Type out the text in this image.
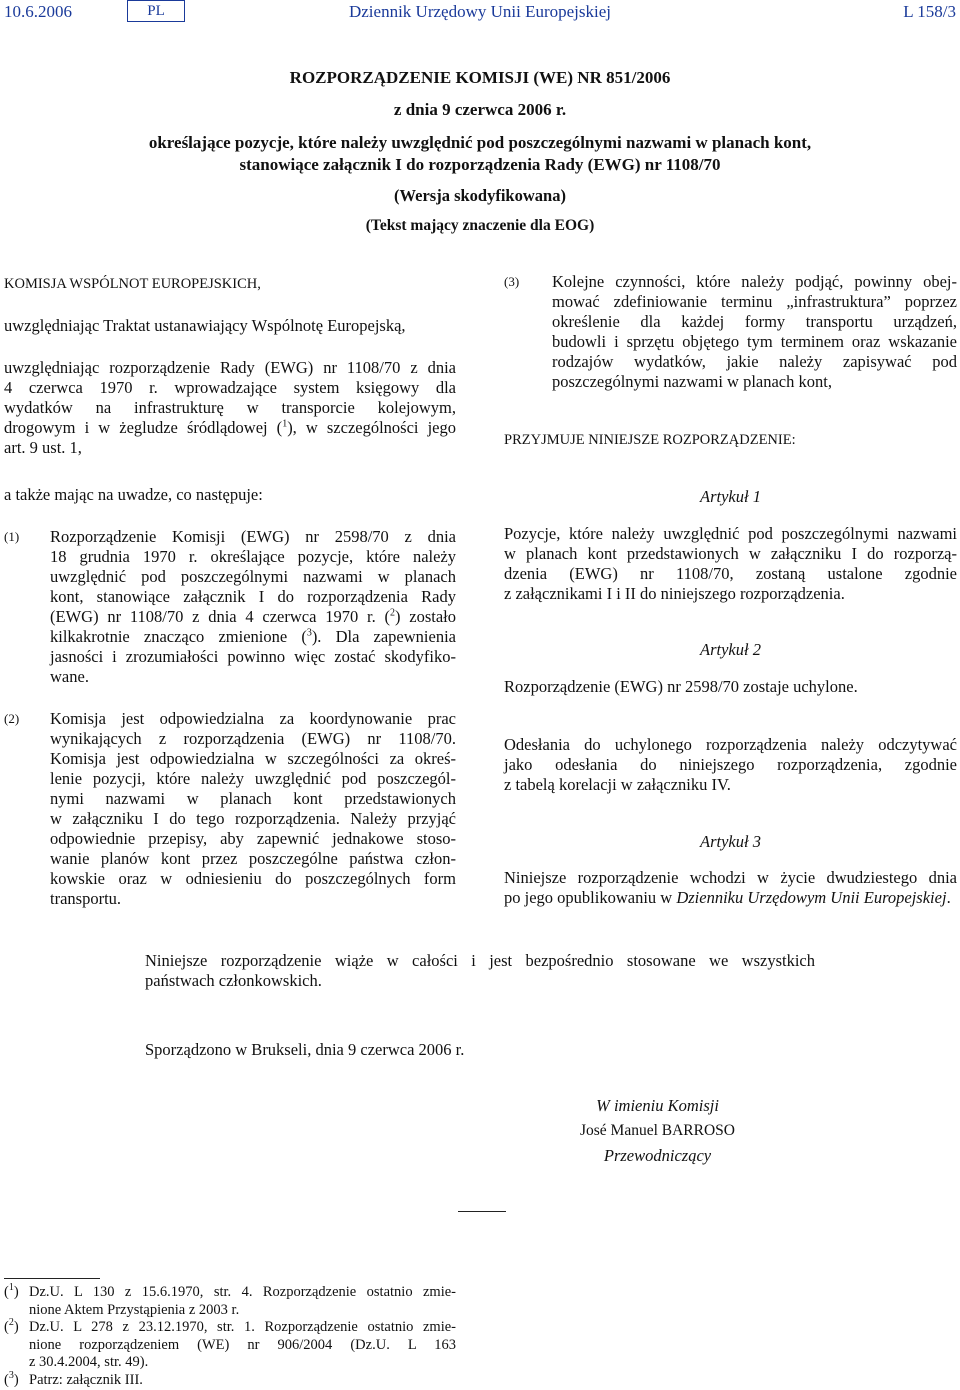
10.6.2006	PL	Dziennik Urzędowy Unii Europejskiej	L 158/3
ROZPORZĄDZENIE KOMISJI (WE) NR 851/2006
z dnia 9 czerwca 2006 r.
określające pozycje, które należy uwzględnić pod poszczególnymi nazwami w planach kont,
stanowiące załącznik I do rozporządzenia Rady (EWG) nr 1108/70
(Wersja skodyfikowana)
(Tekst mający znaczenie dla EOG)
KOMISJA WSPÓLNOT EUROPEJSKICH,
uwzględniając Traktat ustanawiający Wspólnotę Europejską,
uwzględniając rozporządzenie Rady (EWG) nr 1108/70 z dnia
4 czerwca 1970 r. wprowadzające system księgowy dla
wydatków na infrastrukturę w transporcie kolejowym,
drogowym i w żegludze śródlądowej ($^1$), w szczególności jego
art. 9 ust. 1,
a także mając na uwadze, co następuje:
(1) Rozporządzenie Komisji (EWG) nr 2598/70 z dnia
18 grudnia 1970 r. określające pozycje, które należy
uwzględnić pod poszczególnymi nazwami w planach
kont, stanowiące załącznik I do rozporządzenia Rady
(EWG) nr 1108/70 z dnia 4 czerwca 1970 r. ($^2$) zostało
kilkakrotnie znacząco zmienione ($^3$). Dla zapewnienia
jasności i zrozumiałości powinno więc zostać skodyfiko-
wane.
(2) Komisja jest odpowiedzialna za koordynowanie prac
wynikających z rozporządzenia (EWG) nr 1108/70.
Komisja jest odpowiedzialna w szczególności za okreś-
lenie pozycji, które należy uwzględnić pod poszczegól-
nymi nazwami w planach kont przedstawionych
w załączniku I do tego rozporządzenia. Należy przyjąć
odpowiednie przepisy, aby zapewnić jednakowe stoso-
wanie planów kont przez poszczególne państwa człon-
kowskie oraz w odniesieniu do poszczególnych form
transportu.
(3) Kolejne czynności, które należy podjąć, powinny obej-
mować zdefiniowanie terminu „infrastruktura” poprzez
określenie dla każdej formy transportu urządzeń,
budowli i sprzętu objętego tym terminem oraz wskazanie
rodzajów wydatków, jakie należy zapisywać pod
poszczególnymi nazwami w planach kont,
PRZYJMUJE NINIEJSZE ROZPORZĄDZENIE:
Artykuł 1
Pozycje, które należy uwzględnić pod poszczególnymi nazwami
w planach kont przedstawionych w załączniku I do rozporzą-
dzenia (EWG) nr 1108/70, zostaną ustalone zgodnie
z załącznikami I i II do niniejszego rozporządzenia.
Artykuł 2
Rozporządzenie (EWG) nr 2598/70 zostaje uchylone.
Odesłania do uchylonego rozporządzenia należy odczytywać
jako odesłania do niniejszego rozporządzenia, zgodnie
z tabelą korelacji w załączniku IV.
Artykuł 3
Niniejsze rozporządzenie wchodzi w życie dwudziestego dnia
po jego opublikowaniu w Dzienniku Urzędowym Unii Europejskiej.
Niniejsze rozporządzenie wiąże w całości i jest bezpośrednio stosowane we wszystkich
państwach członkowskich.
Sporządzono w Brukseli, dnia 9 czerwca 2006 r.
W imieniu Komisji
José Manuel BARROSO
Przewodniczący
($^1$) Dz.U. L 130 z 15.6.1970, str. 4. Rozporządzenie ostatnio zmie-
nione Aktem Przystąpienia z 2003 r.
($^2$) Dz.U. L 278 z 23.12.1970, str. 1. Rozporządzenie ostatnio zmie-
nione rozporządzeniem (WE) nr 906/2004 (Dz.U. L 163
z 30.4.2004, str. 49).
($^3$) Patrz: załącznik III.
